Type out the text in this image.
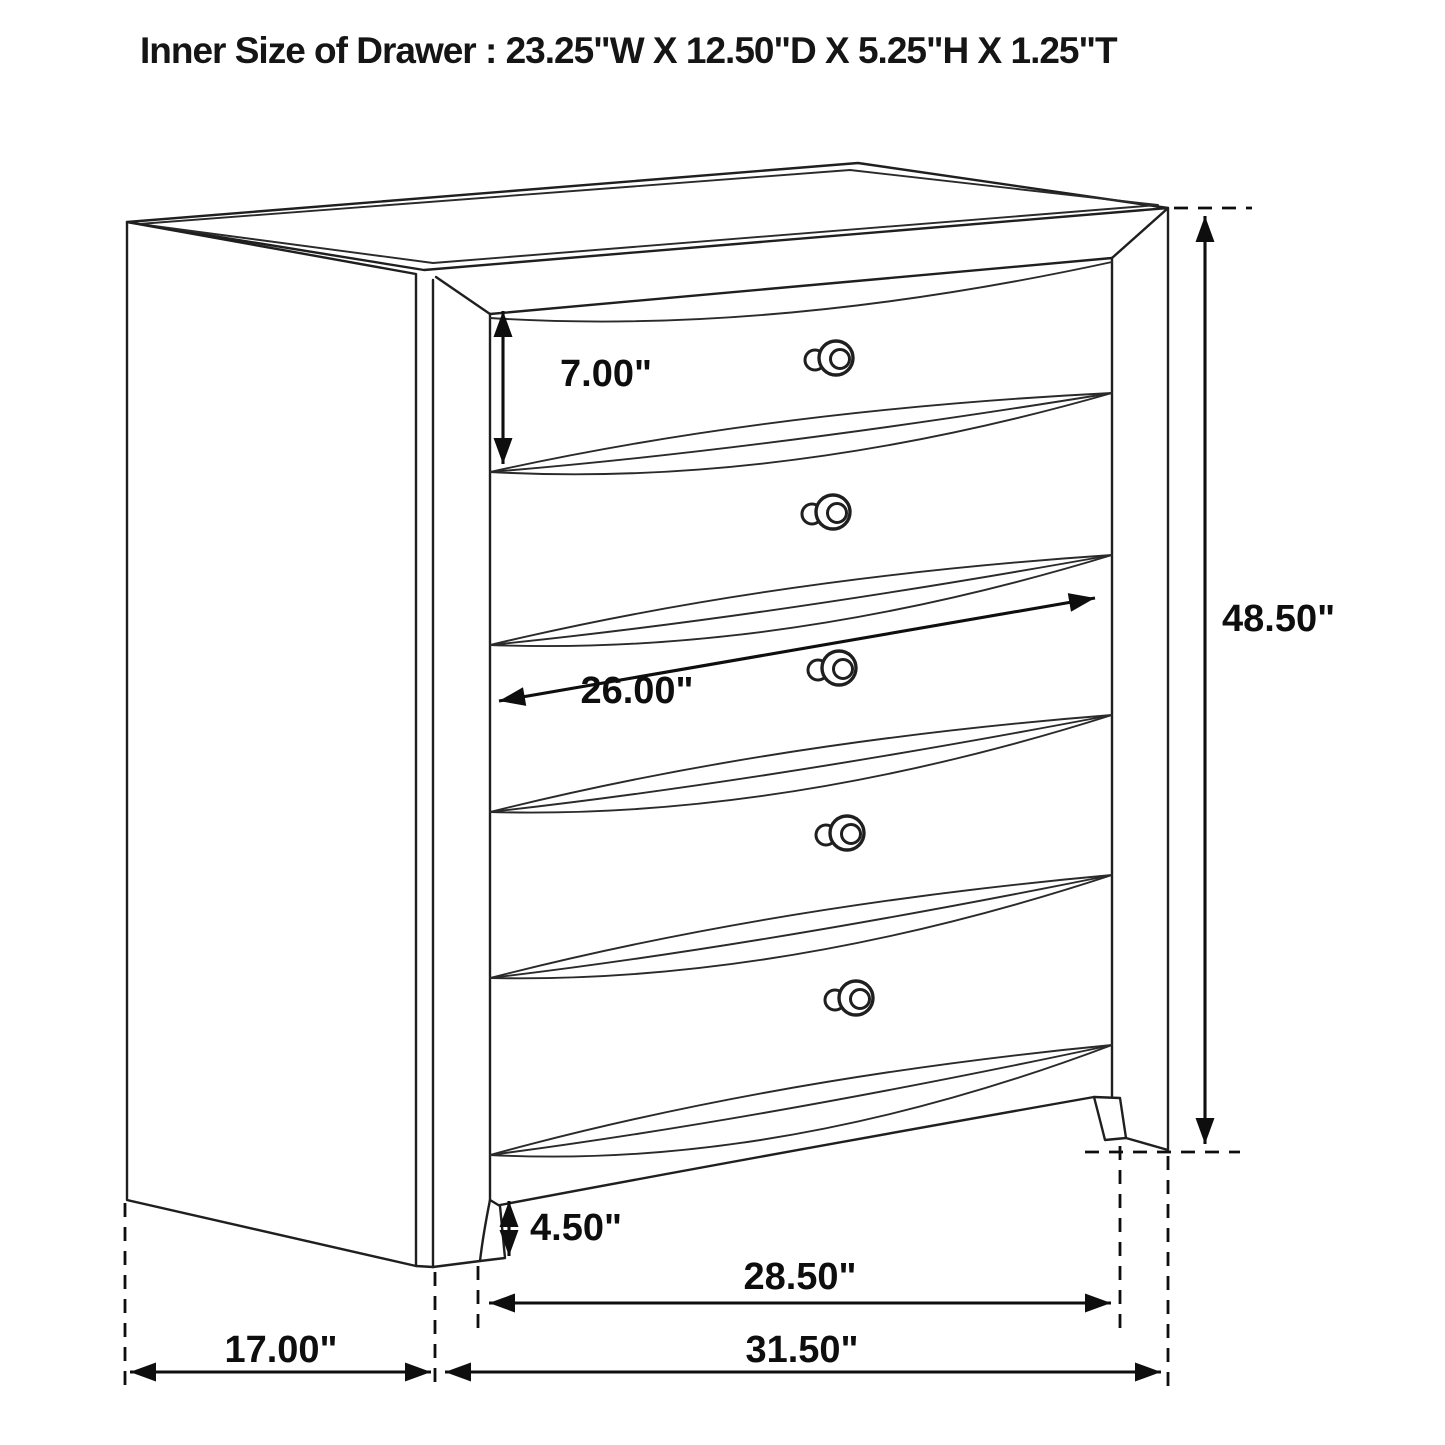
Inner Size of Drawer : 23.25"W X 12.50"D X 5.25"H X 1.25"T
7.00"
26.00"
48.50"
4.50"
28.50"
17.00"	31.50"
